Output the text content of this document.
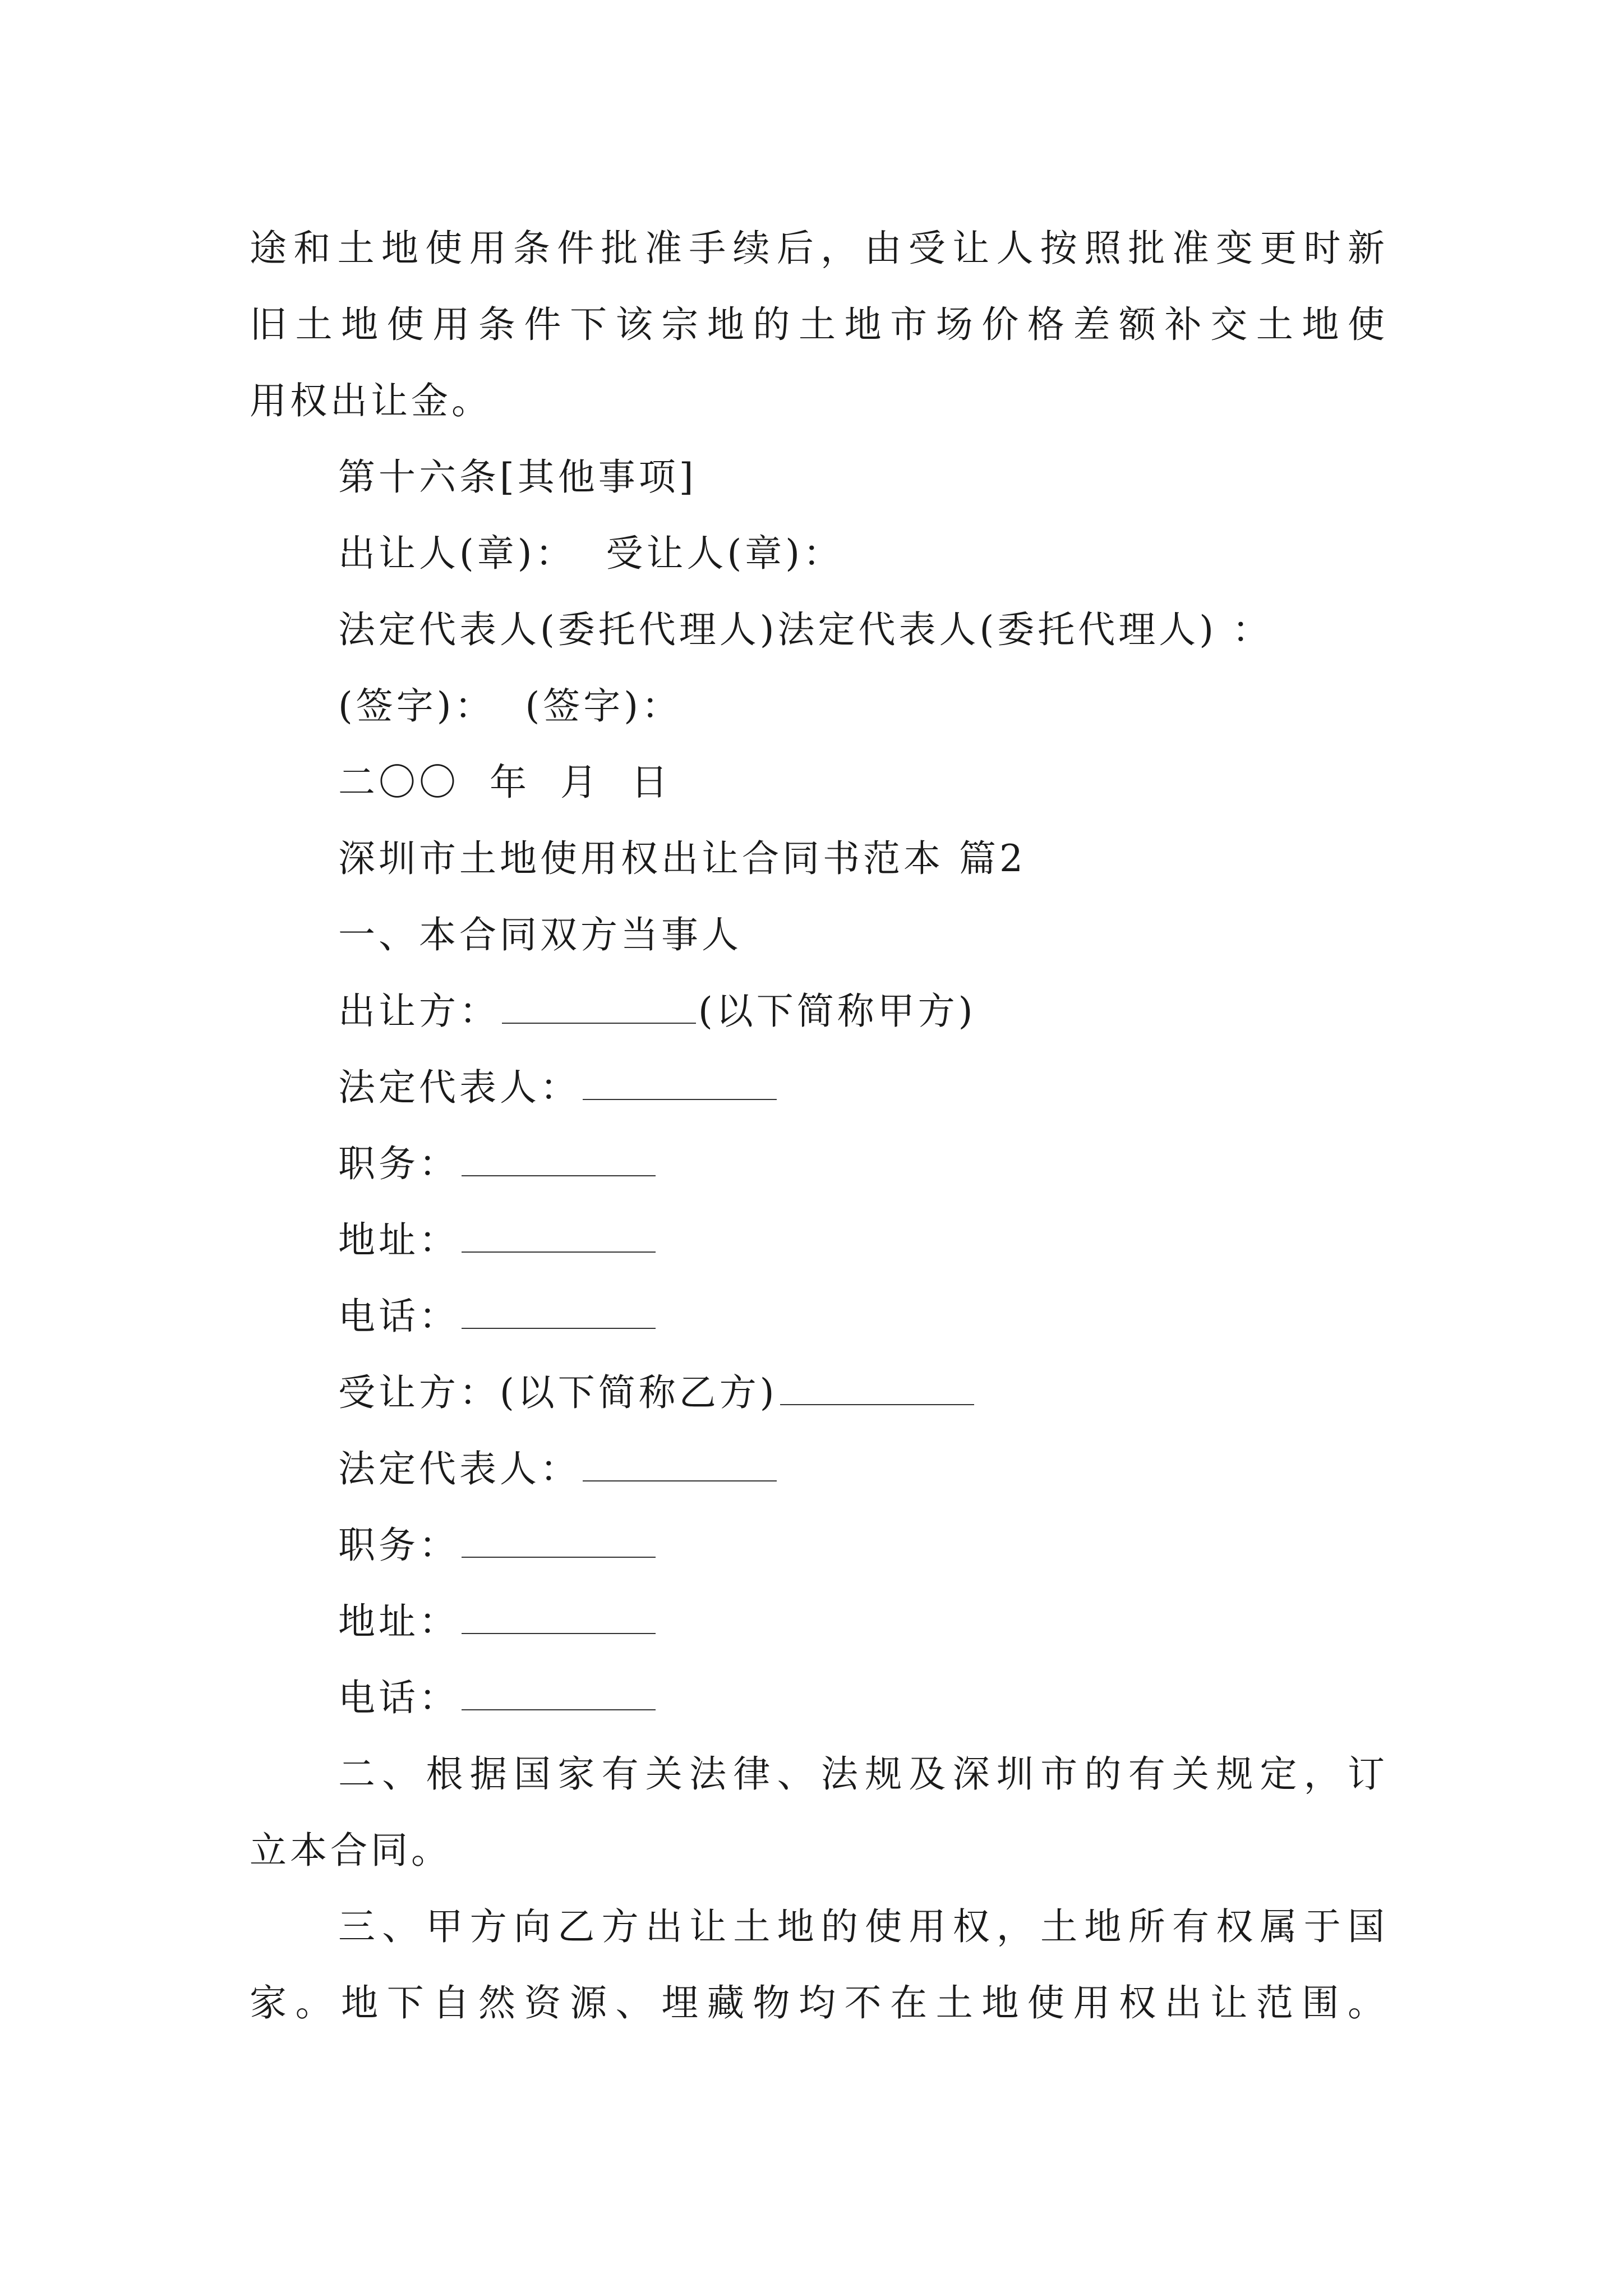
途和土地使用条件批准手续后，由受让人按照批准变更时新
旧土地使用条件下该宗地的土地市场价格差额补交土地使
用权出让金。
第十六条[其他事项]
出让人(章)：  受让人(章)：
法定代表人(委托代理人)法定代表人(委托代理人) ：
(签字)：  (签字)：
二〇〇  年  月  日
深圳市土地使用权出让合同书范本 篇2
一、本合同双方当事人
出让方：	(以下简称甲方)
法定代表人：
职务：
地址：
电话：
受让方：(以下简称乙方)
法定代表人：
职务：
地址：
电话：
二、根据国家有关法律、法规及深圳市的有关规定，订
立本合同。
三、甲方向乙方出让土地的使用权，土地所有权属于国
家。地下自然资源、埋藏物均不在土地使用权出让范围。
